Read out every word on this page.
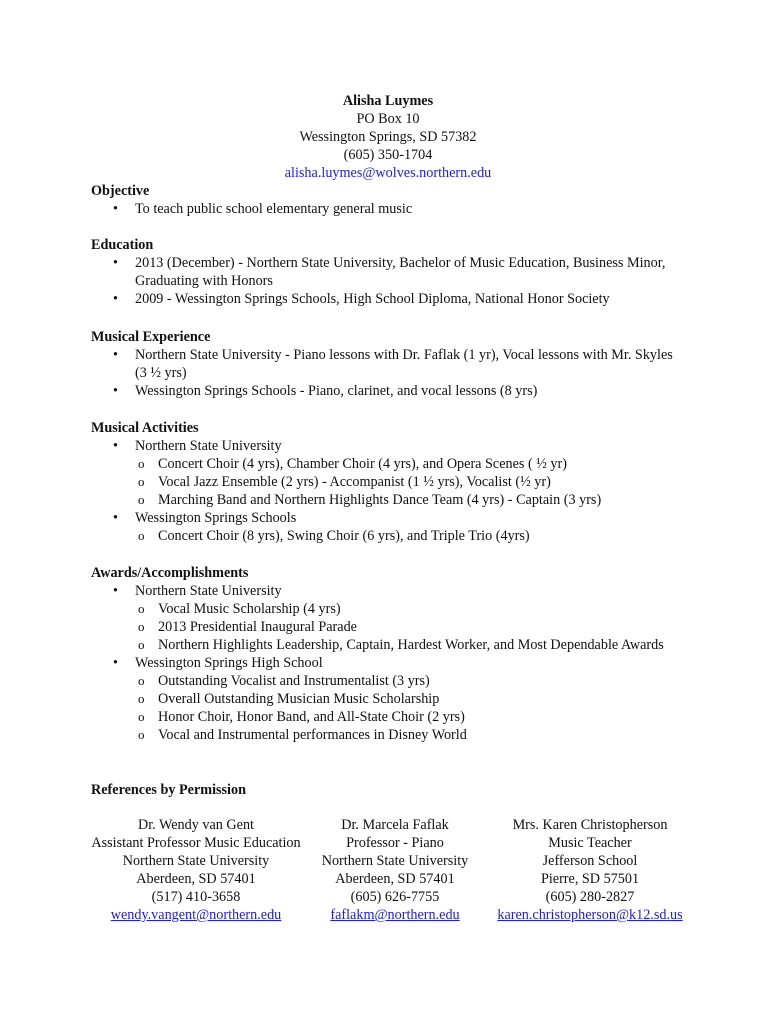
Alisha Luymes
PO Box 10
Wessington Springs, SD 57382
(605) 350-1704
alisha.luymes@wolves.northern.edu
Objective
• To teach public school elementary general music
Education
• 2013 (December) - Northern State University, Bachelor of Music Education, Business Minor, Graduating with Honors
• 2009 - Wessington Springs Schools, High School Diploma, National Honor Society
Musical Experience
• Northern State University - Piano lessons with Dr. Faflak (1 yr), Vocal lessons with Mr. Skyles (3 ½ yrs)
• Wessington Springs Schools - Piano, clarinet, and vocal lessons (8 yrs)
Musical Activities
• Northern State University
o Concert Choir (4 yrs), Chamber Choir (4 yrs), and Opera Scenes ( ½ yr)
o Vocal Jazz Ensemble (2 yrs) - Accompanist (1 ½ yrs), Vocalist (½ yr)
o Marching Band and Northern Highlights Dance Team (4 yrs) - Captain (3 yrs)
• Wessington Springs Schools
o Concert Choir (8 yrs), Swing Choir (6 yrs), and Triple Trio (4yrs)
Awards/Accomplishments
• Northern State University
o Vocal Music Scholarship (4 yrs)
o 2013 Presidential Inaugural Parade
o Northern Highlights Leadership, Captain, Hardest Worker, and Most Dependable Awards
• Wessington Springs High School
o Outstanding Vocalist and Instrumentalist (3 yrs)
o Overall Outstanding Musician Music Scholarship
o Honor Choir, Honor Band, and All-State Choir (2 yrs)
o Vocal and Instrumental performances in Disney World
References by Permission
Dr. Wendy van Gent
Assistant Professor Music Education
Northern State University
Aberdeen, SD 57401
(517) 410-3658
wendy.vangent@northern.edu
Dr. Marcela Faflak
Professor - Piano
Northern State University
Aberdeen, SD 57401
(605) 626-7755
faflakm@northern.edu
Mrs. Karen Christopherson
Music Teacher
Jefferson School
Pierre, SD 57501
(605) 280-2827
karen.christopherson@k12.sd.us
